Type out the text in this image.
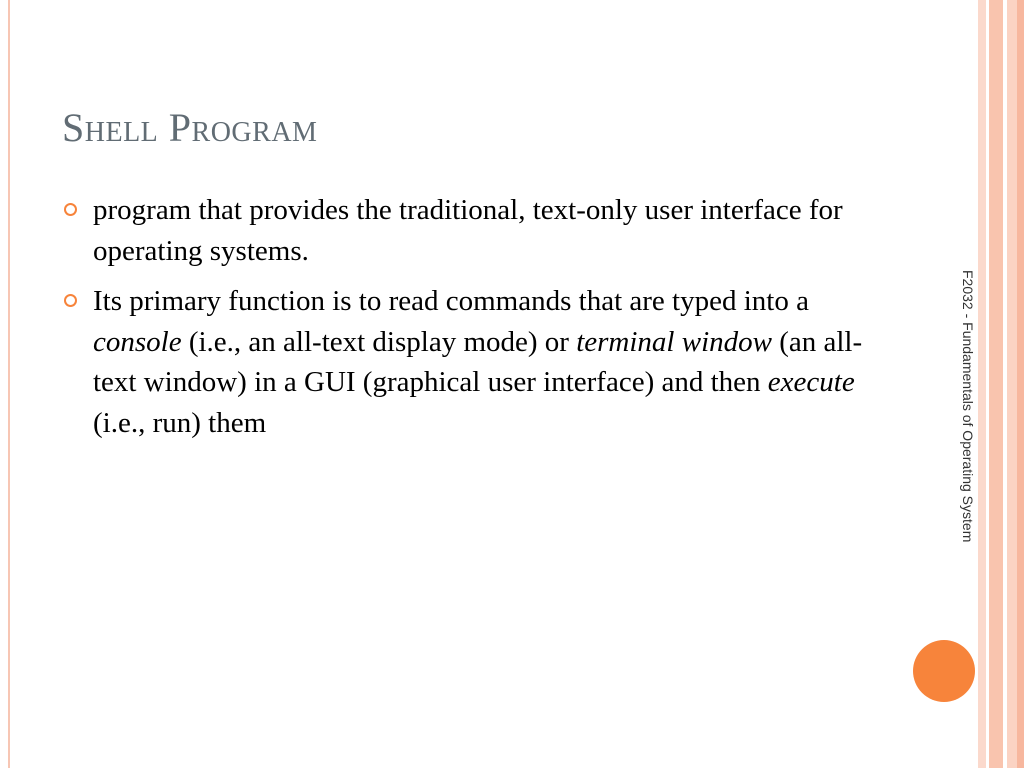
Shell Program
program that provides the traditional, text-only user interface for operating systems.
Its primary function is to read commands that are typed into a console (i.e., an all-text display mode) or terminal window (an all-text window) in a GUI (graphical user interface) and then execute (i.e., run) them	F2032 - Fundamentals of Operating System
